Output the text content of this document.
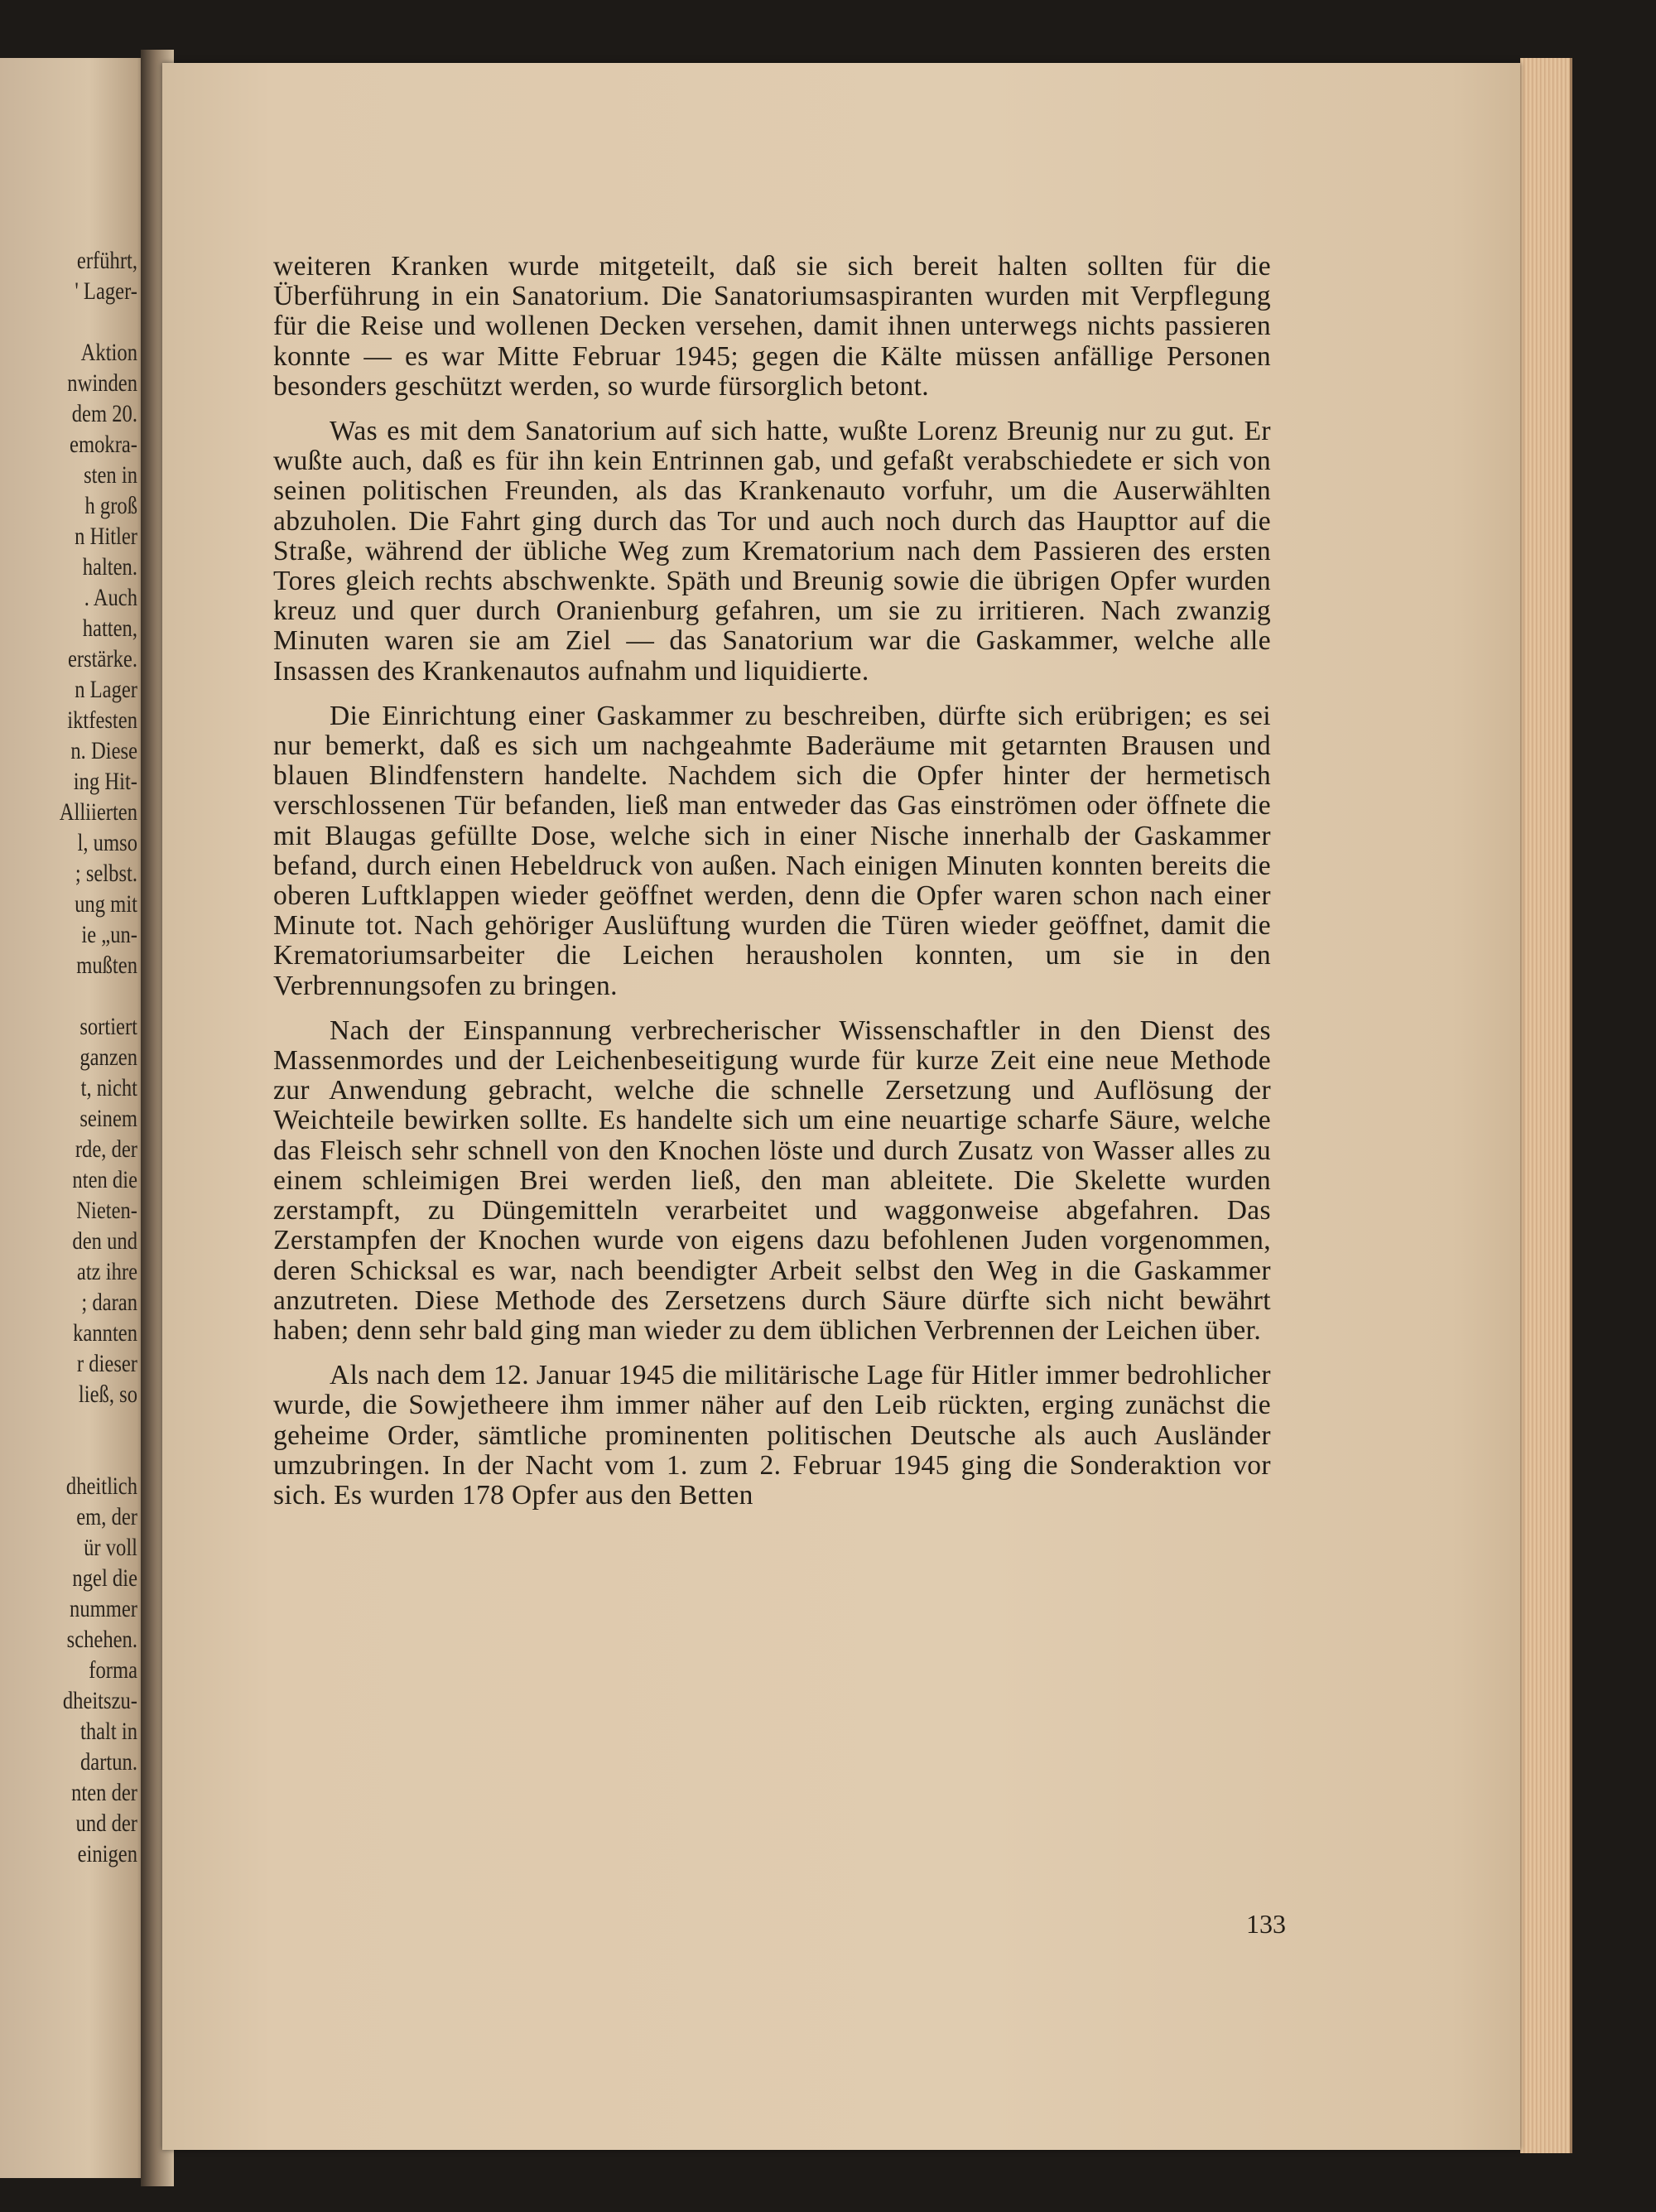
erführt,
' Lager-
Aktion
nwinden
dem 20.
emokra-
sten in
h groß
n Hitler
halten.
. Auch
hatten,
erstärke.
n Lager
iktfesten
n. Diese
ing Hit-
Alliierten
l, umso
; selbst.
ung mit
ie „un-
mußten
sortiert
ganzen
t, nicht
seinem
rde, der
nten die
Nieten-
den und
atz ihre
; daran
kannten
r dieser
ließ, so
dheitlich
em, der
ür voll
ngel die
nummer
schehen.
forma
dheitszu-
thalt in
dartun.
nten der
und der
einigen

weiteren Kranken wurde mitgeteilt, daß sie sich bereit halten sollten für die Überführung in ein Sanatorium. Die Sanatoriumsaspiranten wurden mit Verpflegung für die Reise und wollenen Decken versehen, damit ihnen unterwegs nichts passieren konnte — es war Mitte Februar 1945; gegen die Kälte müssen anfällige Personen besonders geschützt werden, so wurde fürsorglich betont.

Was es mit dem Sanatorium auf sich hatte, wußte Lorenz Breunig nur zu gut. Er wußte auch, daß es für ihn kein Entrinnen gab, und gefaßt verabschiedete er sich von seinen politischen Freunden, als das Krankenauto vorfuhr, um die Auserwählten abzuholen. Die Fahrt ging durch das Tor und auch noch durch das Haupttor auf die Straße, während der übliche Weg zum Krematorium nach dem Passieren des ersten Tores gleich rechts abschwenkte. Späth und Breunig sowie die übrigen Opfer wurden kreuz und quer durch Oranienburg gefahren, um sie zu irritieren. Nach zwanzig Minuten waren sie am Ziel — das Sanatorium war die Gaskammer, welche alle Insassen des Krankenautos aufnahm und liquidierte.

Die Einrichtung einer Gaskammer zu beschreiben, dürfte sich erübrigen; es sei nur bemerkt, daß es sich um nachgeahmte Baderäume mit getarnten Brausen und blauen Blindfenstern handelte. Nachdem sich die Opfer hinter der hermetisch verschlossenen Tür befanden, ließ man entweder das Gas einströmen oder öffnete die mit Blaugas gefüllte Dose, welche sich in einer Nische innerhalb der Gaskammer befand, durch einen Hebeldruck von außen. Nach einigen Minuten konnten bereits die oberen Luftklappen wieder geöffnet werden, denn die Opfer waren schon nach einer Minute tot. Nach gehöriger Auslüftung wurden die Türen wieder geöffnet, damit die Krematoriumsarbeiter die Leichen herausholen konnten, um sie in den Verbrennungsofen zu bringen.

Nach der Einspannung verbrecherischer Wissenschaftler in den Dienst des Massenmordes und der Leichenbeseitigung wurde für kurze Zeit eine neue Methode zur Anwendung gebracht, welche die schnelle Zersetzung und Auflösung der Weichteile bewirken sollte. Es handelte sich um eine neuartige scharfe Säure, welche das Fleisch sehr schnell von den Knochen löste und durch Zusatz von Wasser alles zu einem schleimigen Brei werden ließ, den man ableitete. Die Skelette wurden zerstampft, zu Düngemitteln verarbeitet und waggonweise abgefahren. Das Zerstampfen der Knochen wurde von eigens dazu befohlenen Juden vorgenommen, deren Schicksal es war, nach beendigter Arbeit selbst den Weg in die Gaskammer anzutreten. Diese Methode des Zersetzens durch Säure dürfte sich nicht bewährt haben; denn sehr bald ging man wieder zu dem üblichen Verbrennen der Leichen über.

Als nach dem 12. Januar 1945 die militärische Lage für Hitler immer bedrohlicher wurde, die Sowjetheere ihm immer näher auf den Leib rückten, erging zunächst die geheime Order, sämtliche prominenten politischen Deutsche als auch Ausländer umzubringen. In der Nacht vom 1. zum 2. Februar 1945 ging die Sonderaktion vor sich. Es wurden 178 Opfer aus den Betten

133
